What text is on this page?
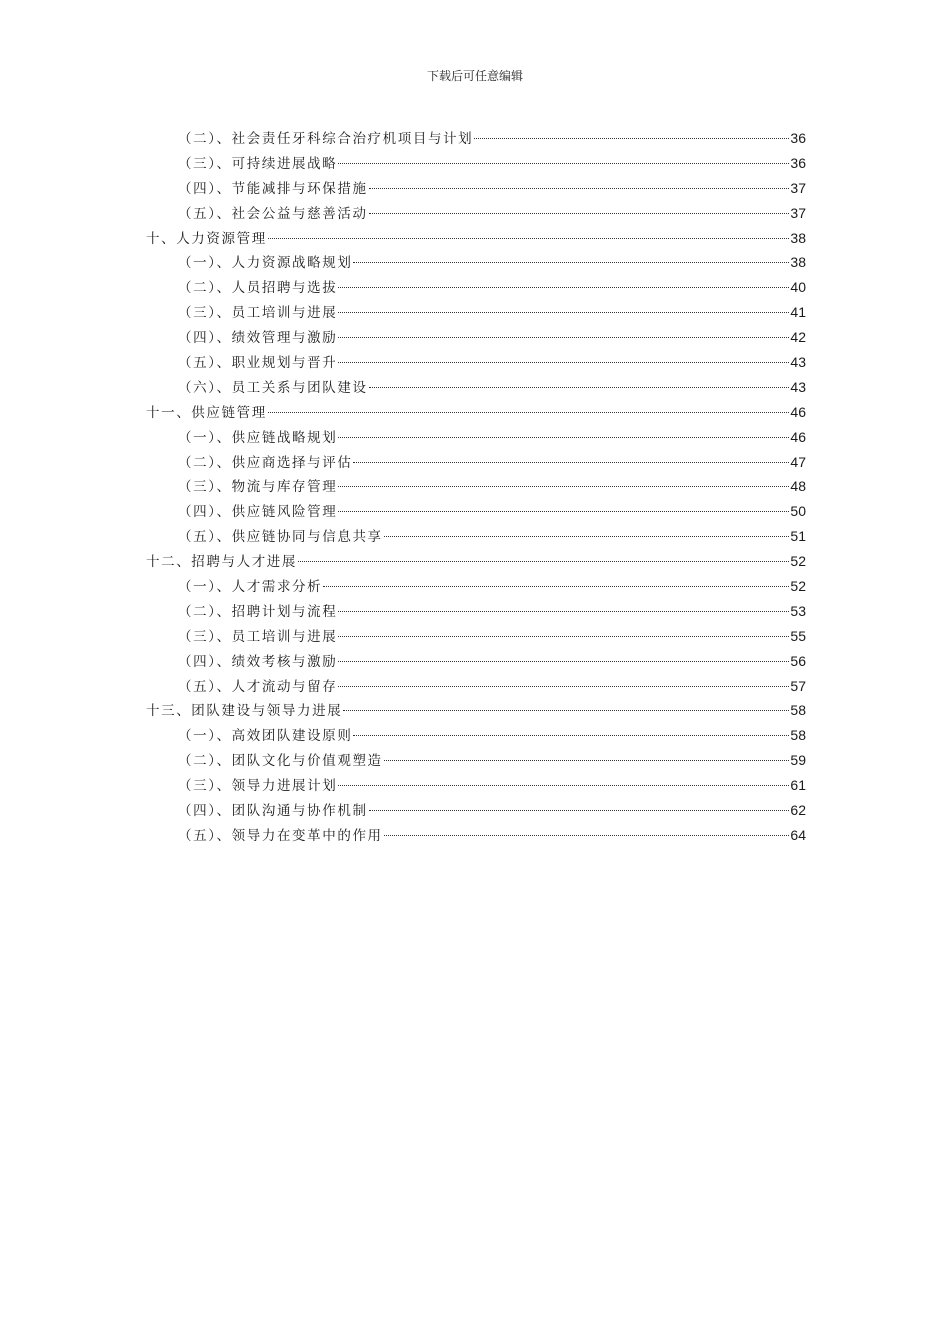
下载后可任意编辑
（二）、社会责任牙科综合治疗机项目与计划	36
（三）、可持续进展战略	36
（四）、节能减排与环保措施	37
（五）、社会公益与慈善活动	37
十、人力资源管理	38
（一）、人力资源战略规划	38
（二）、人员招聘与选拔	40
（三）、员工培训与进展	41
（四）、绩效管理与激励	42
（五）、职业规划与晋升	43
（六）、员工关系与团队建设	43
十一、供应链管理	46
（一）、供应链战略规划	46
（二）、供应商选择与评估	47
（三）、物流与库存管理	48
（四）、供应链风险管理	50
（五）、供应链协同与信息共享	51
十二、招聘与人才进展	52
（一）、人才需求分析	52
（二）、招聘计划与流程	53
（三）、员工培训与进展	55
（四）、绩效考核与激励	56
（五）、人才流动与留存	57
十三、团队建设与领导力进展	58
（一）、高效团队建设原则	58
（二）、团队文化与价值观塑造	59
（三）、领导力进展计划	61
（四）、团队沟通与协作机制	62
（五）、领导力在变革中的作用	64
